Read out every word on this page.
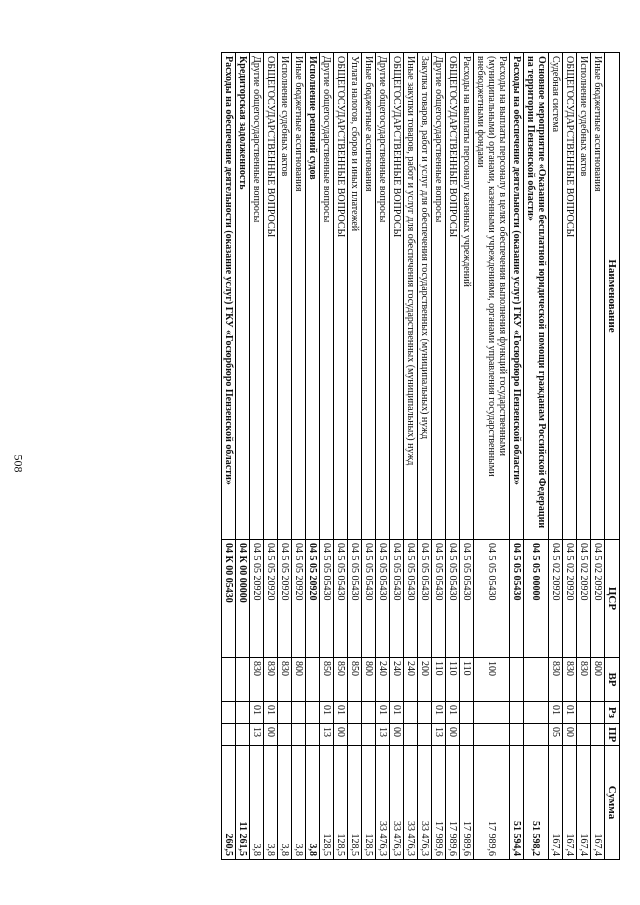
508
Наименование	ЦСР	ВР	Рз	ПР	Сумма
Иные бюджетные ассигнования	04 5 02 20920	800			167,4
Исполнение судебных актов	04 5 02 20920	830			167,4
ОБЩЕГОСУДАРСТВЕННЫЕ ВОПРОСЫ	04 5 02 20920	830	01	00	167,4
Судебная система	04 5 02 20920	830	01	05	167,4
Основное мероприятие «Оказание бесплатной юридической помощи гражданам Российской Федерации на территории Пензенской области»	04 5 05 00000				51 598,2
Расходы на обеспечение деятельности (оказание услуг) ГКУ «Госюрбюро Пензенской области»	04 5 05 05430				51 594,4
Расходы на выплаты персоналу в целях обеспечения выполнения функций государственными (муниципальными) органами, казенными учреждениями, органами управления государственными внебюджетными фондами	04 5 05 05430	100			17 989,6
Расходы на выплаты персоналу казенных учреждений	04 5 05 05430	110			17 989,6
ОБЩЕГОСУДАРСТВЕННЫЕ ВОПРОСЫ	04 5 05 05430	110	01	00	17 989,6
Другие общегосударственные вопросы	04 5 05 05430	110	01	13	17 989,6
Закупка товаров, работ и услуг для обеспечения государственных (муниципальных) нужд	04 5 05 05430	200			33 476,3
Иные закупки товаров, работ и услуг для обеспечения государственных (муниципальных) нужд	04 5 05 05430	240			33 476,3
ОБЩЕГОСУДАРСТВЕННЫЕ ВОПРОСЫ	04 5 05 05430	240	01	00	33 476,3
Другие общегосударственные вопросы	04 5 05 05430	240	01	13	33 476,3
Иные бюджетные ассигнования	04 5 05 05430	800			128,5
Уплата налогов, сборов и иных платежей	04 5 05 05430	850			128,5
ОБЩЕГОСУДАРСТВЕННЫЕ ВОПРОСЫ	04 5 05 05430	850	01	00	128,5
Другие общегосударственные вопросы	04 5 05 05430	850	01	13	128,5
Исполнение решений судов	04 5 05 20920				3,8
Иные бюджетные ассигнования	04 5 05 20920	800			3,8
Исполнение судебных актов	04 5 05 20920	830			3,8
ОБЩЕГОСУДАРСТВЕННЫЕ ВОПРОСЫ	04 5 05 20920	830	01	00	3,8
Другие общегосударственные вопросы	04 5 05 20920	830	01	13	3,8
Кредиторская задолженность	04 К 00 00000				11 261,5
Расходы на обеспечение деятельности (оказание услуг) ГКУ «Госюрбюро Пензенской области»	04 К 00 05430				260,5
